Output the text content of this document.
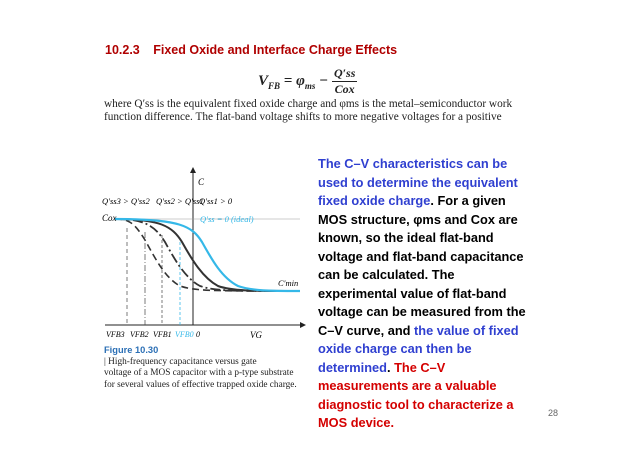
10.2.3 Fixed Oxide and Interface Charge Effects
$V_{FB} = \varphi_{ms} - \frac{Q'ss}{\text{Cox}}$
where Q′ss is the equivalent fixed oxide charge and φms is the metal–semiconductor work
function difference. The flat-band voltage shifts to more negative voltages for a positive
Q′ss3 > Q′ss2 Q′ss2 > Q′ss1
Q′ss1 > 0
Cox
C
Q′ss = 0 (ideal)
C′min
VG
VFB3 VFB2 VFB1 VFB0 0
Figure 10.30
| High-frequency capacitance versus gate
voltage of a MOS capacitor with a p-type substrate
for several values of effective trapped oxide charge.
The C–V characteristics can be
used to determine the equivalent
fixed oxide charge. For a given
MOS structure, φms and Cox are
known, so the ideal flat-band
voltage and flat-band capacitance
can be calculated. The
experimental value of flat-band
voltage can be measured from the
C–V curve, and the value of fixed
oxide charge can then be
determined. The C–V
measurements are a valuable
diagnostic tool to characterize a
MOS device.
28
